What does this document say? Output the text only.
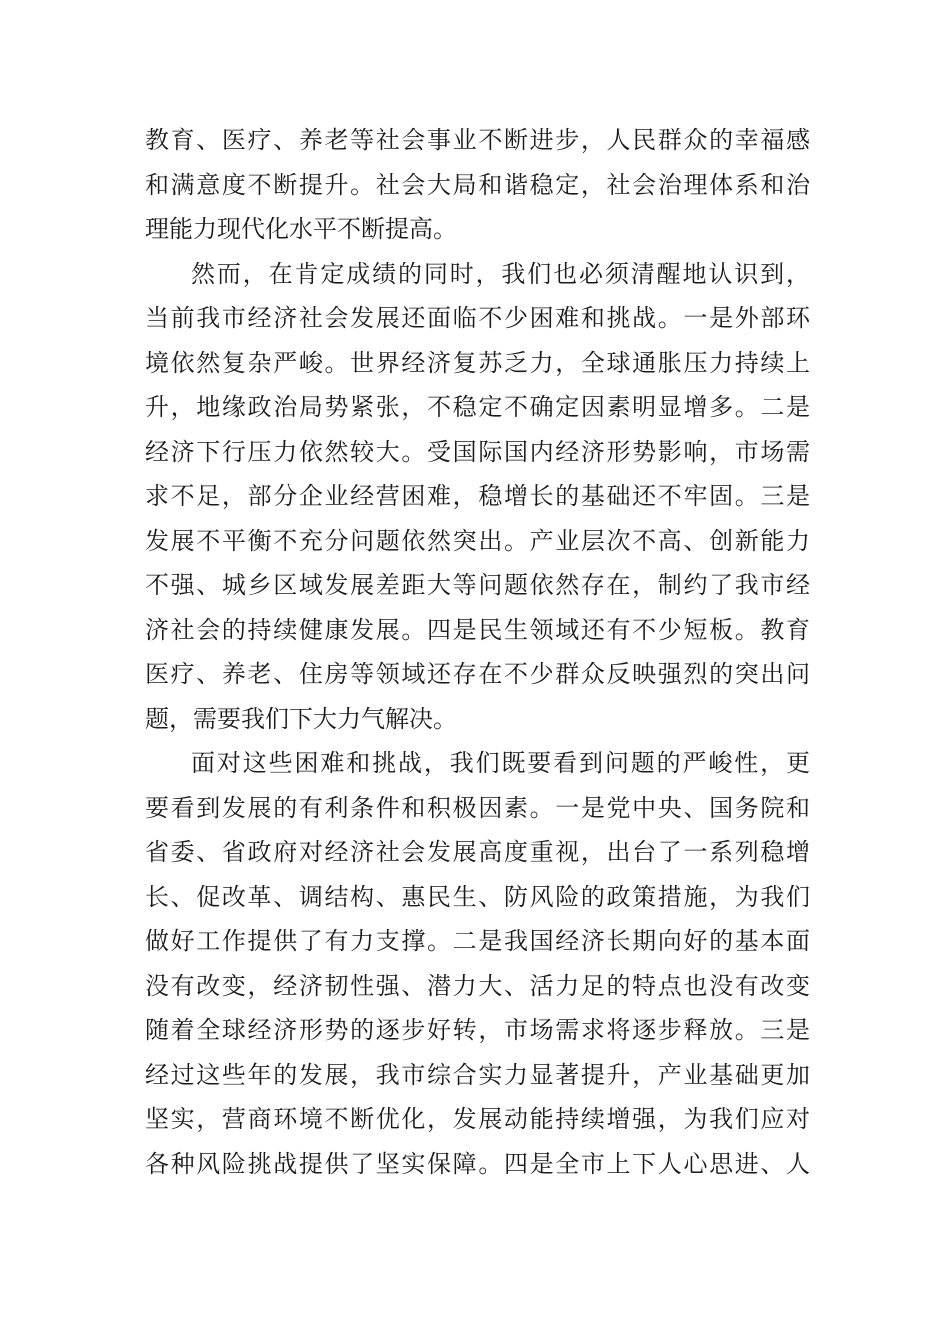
教育、医疗、养老等社会事业不断进步，人民群众的幸福感
和满意度不断提升。社会大局和谐稳定，社会治理体系和治
理能力现代化水平不断提高。
然而，在肯定成绩的同时，我们也必须清醒地认识到，
当前我市经济社会发展还面临不少困难和挑战。一是外部环
境依然复杂严峻。世界经济复苏乏力，全球通胀压力持续上
升，地缘政治局势紧张，不稳定不确定因素明显增多。二是
经济下行压力依然较大。受国际国内经济形势影响，市场需
求不足，部分企业经营困难，稳增长的基础还不牢固。三是
发展不平衡不充分问题依然突出。产业层次不高、创新能力
不强、城乡区域发展差距大等问题依然存在，制约了我市经
济社会的持续健康发展。四是民生领域还有不少短板。教育
医疗、养老、住房等领域还存在不少群众反映强烈的突出问
题，需要我们下大力气解决。
面对这些困难和挑战，我们既要看到问题的严峻性，更
要看到发展的有利条件和积极因素。一是党中央、国务院和
省委、省政府对经济社会发展高度重视，出台了一系列稳增
长、促改革、调结构、惠民生、防风险的政策措施，为我们
做好工作提供了有力支撑。二是我国经济长期向好的基本面
没有改变，经济韧性强、潜力大、活力足的特点也没有改变
随着全球经济形势的逐步好转，市场需求将逐步释放。三是
经过这些年的发展，我市综合实力显著提升，产业基础更加
坚实，营商环境不断优化，发展动能持续增强，为我们应对
各种风险挑战提供了坚实保障。四是全市上下人心思进、人
